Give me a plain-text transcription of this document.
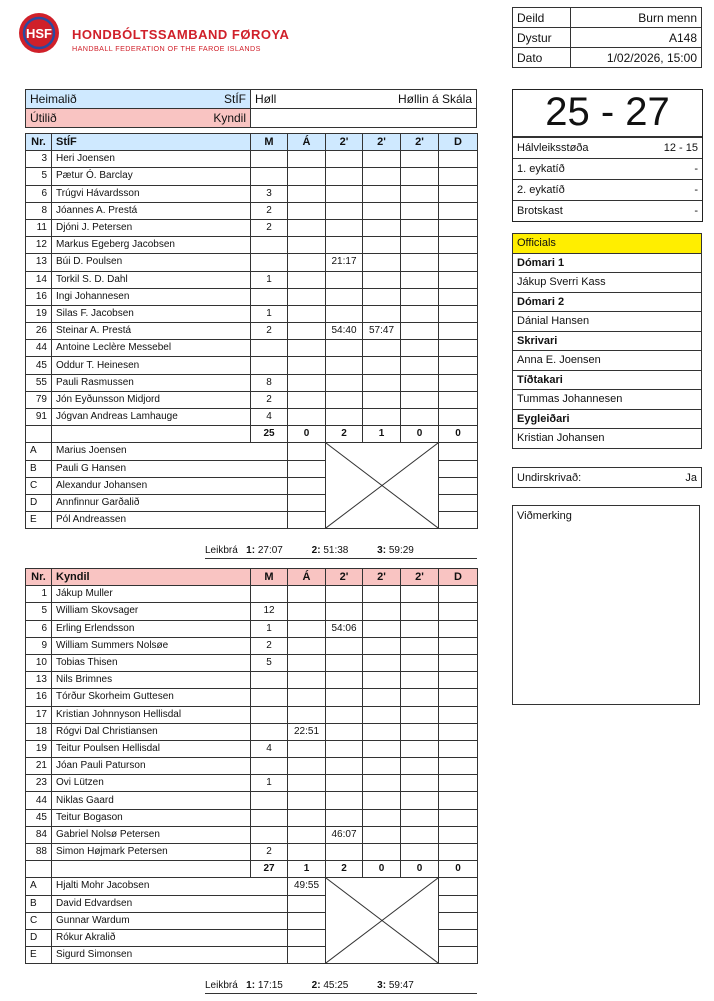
HSF HONDBÓLTSSAMBAND FØROYA
HANDBALL FEDERATION OF THE FAROE ISLANDS
Deild	Burn menn
Dystur	A148
Dato	1/02/2026, 15:00
Heimalið StÍF	Høll Høllin á Skála

Útilið Kyndil	

Nr.	StÍF	M	Á	2'	2'	2'	D
3	Heri Joensen						
5	Pætur Ó. Barclay						
6	Trúgvi Hávardsson	3					
8	Jóannes A. Prestá	2					
11	Djóni J. Petersen	2					
12	Markus Egeberg Jacobsen						
13	Búi D. Poulsen			21:17			
14	Torkil S. D. Dahl	1					
16	Ingi Johannesen						
19	Silas F. Jacobsen	1					
26	Steinar A. Prestá	2		54:40	57:47		
44	Antoine Leclère Messebel						
45	Oddur T. Heinesen						
55	Pauli Rasmussen	8					
79	Jón Eyðunsson Midjord	2					
91	Jógvan Andreas Lamhauge	4					
		25	0	2	1	0	0
A	Marius Joensen		

B	Pauli G Hansen						
C	Alexandur Johansen						
D	Annfinnur Garðalið						
E	Pól Andreassen						
Leikbrá 1: 27:07	2: 51:38	3: 59:29
Nr.	Kyndil	M	Á	2'	2'	2'	D
1	Jákup Muller						
5	William Skovsager	12					
6	Erling Erlendsson	1		54:06			
9	William Summers Nolsøe	2					
10	Tobias Thisen	5					
13	Nils Brimnes						
16	Tórður Skorheim Guttesen						
17	Kristian Johnnyson Hellisdal						
18	Rógvi Dal Christiansen		22:51				
19	Teitur Poulsen Hellisdal	4					
21	Jóan Pauli Paturson						
23	Ovi Lützen	1					
44	Niklas Gaard						
45	Teitur Bogason						
84	Gabriel Nolsø Petersen			46:07			
88	Simon Højmark Petersen	2					
		27	1	2	0	0	0
A	Hjalti Mohr Jacobsen		49:55	

B	David Edvardsen						
C	Gunnar Wardum						
D	Rókur Akralið						
E	Sigurd Simonsen						
Leikbrá 1: 17:15	2: 45:25	3: 59:47
25 - 27
Hálvleiksstøða	12 - 15
1. eykatíð	-
2. eykatíð	-
Brotskast	-
Officials
Dómari 1
Jákup Sverri Kass
Dómari 2
Dánial Hansen
Skrivari
Anna E. Joensen
Tíðtakari
Tummas Johannesen
Eygleiðari
Kristian Johansen
Undirskrivað:	Ja
Viðmerking
